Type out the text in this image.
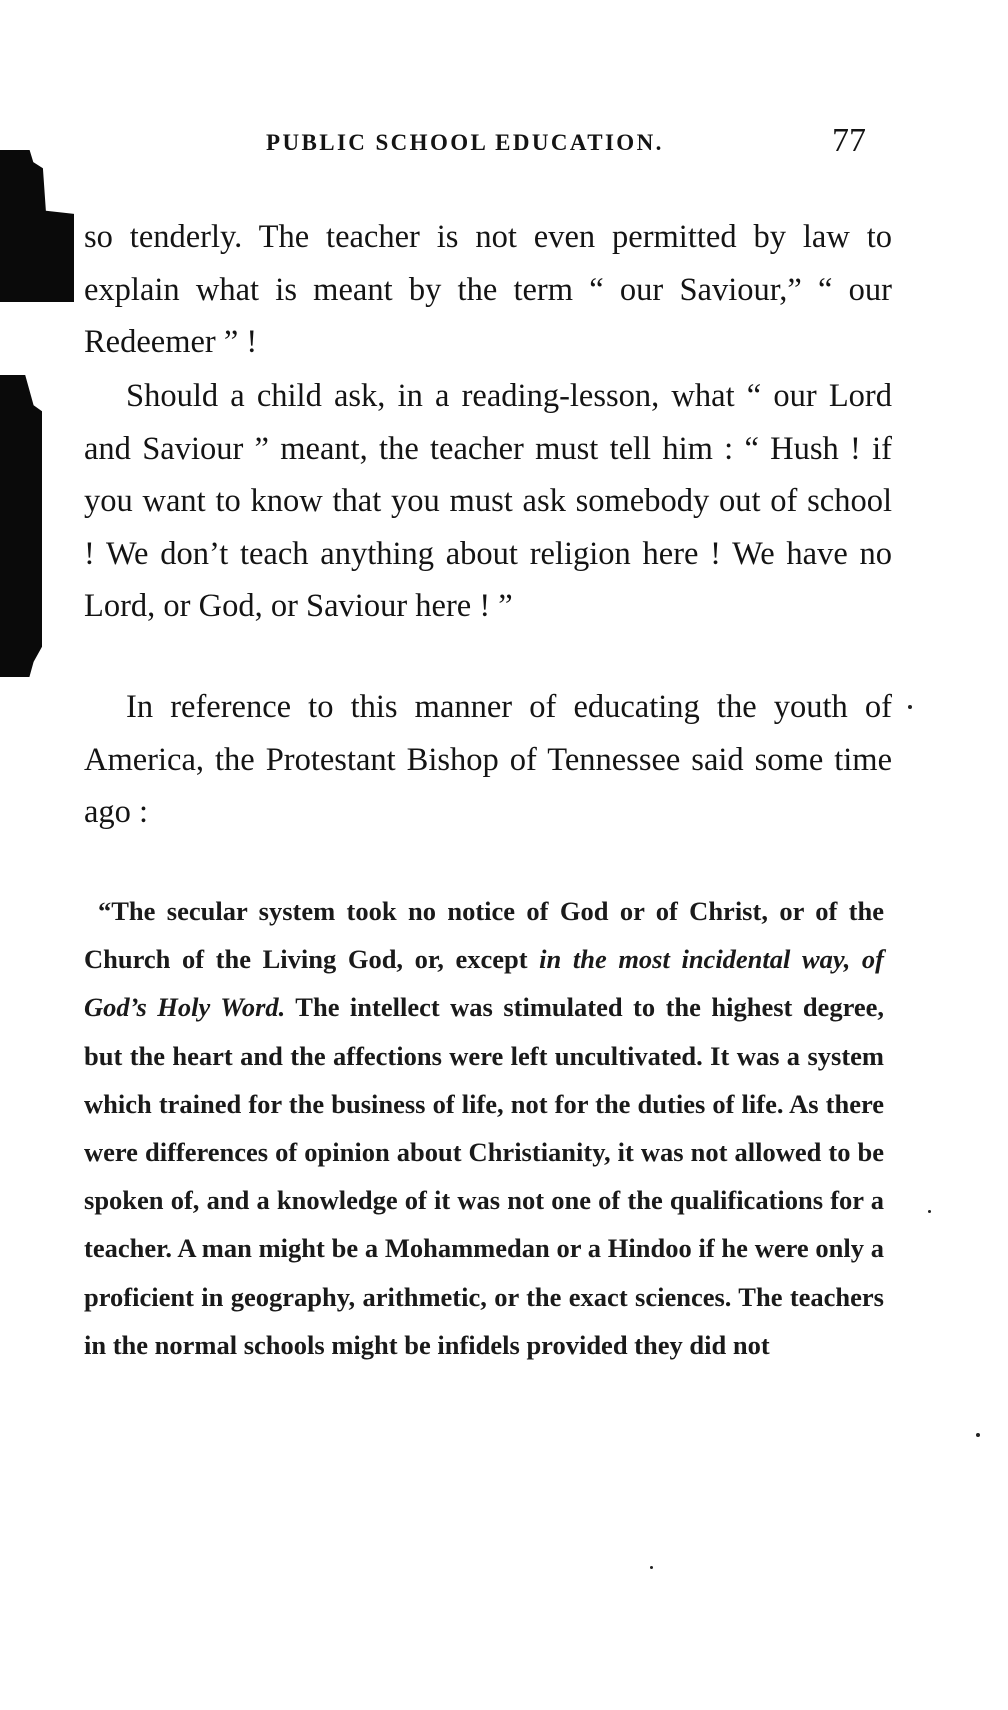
PUBLIC SCHOOL EDUCATION.	77

so tenderly. The teacher is not even permitted by law to explain what is meant by the term “ our Saviour,” “ our Redeemer ” !

Should a child ask, in a reading-lesson, what “ our Lord and Saviour ” meant, the teacher must tell him : “ Hush ! if you want to know that you must ask somebody out of school ! We don’t teach anything about religion here ! We have no Lord, or God, or Saviour here ! ”

In reference to this manner of educating the youth of America, the Protestant Bishop of Tennessee said some time ago :

“The secular system took no notice of God or of Christ, or of the Church of the Living God, or, except in the most incidental way, of God’s Holy Word. The intellect was stimulated to the highest degree, but the heart and the affections were left uncultivated. It was a system which trained for the business of life, not for the duties of life. As there were differences of opinion about Christianity, it was not allowed to be spoken of, and a knowledge of it was not one of the qualifications for a teacher. A man might be a Mohammedan or a Hindoo if he were only a proficient in geography, arithmetic, or the exact sciences. The teachers in the normal schools might be infidels provided they did not
